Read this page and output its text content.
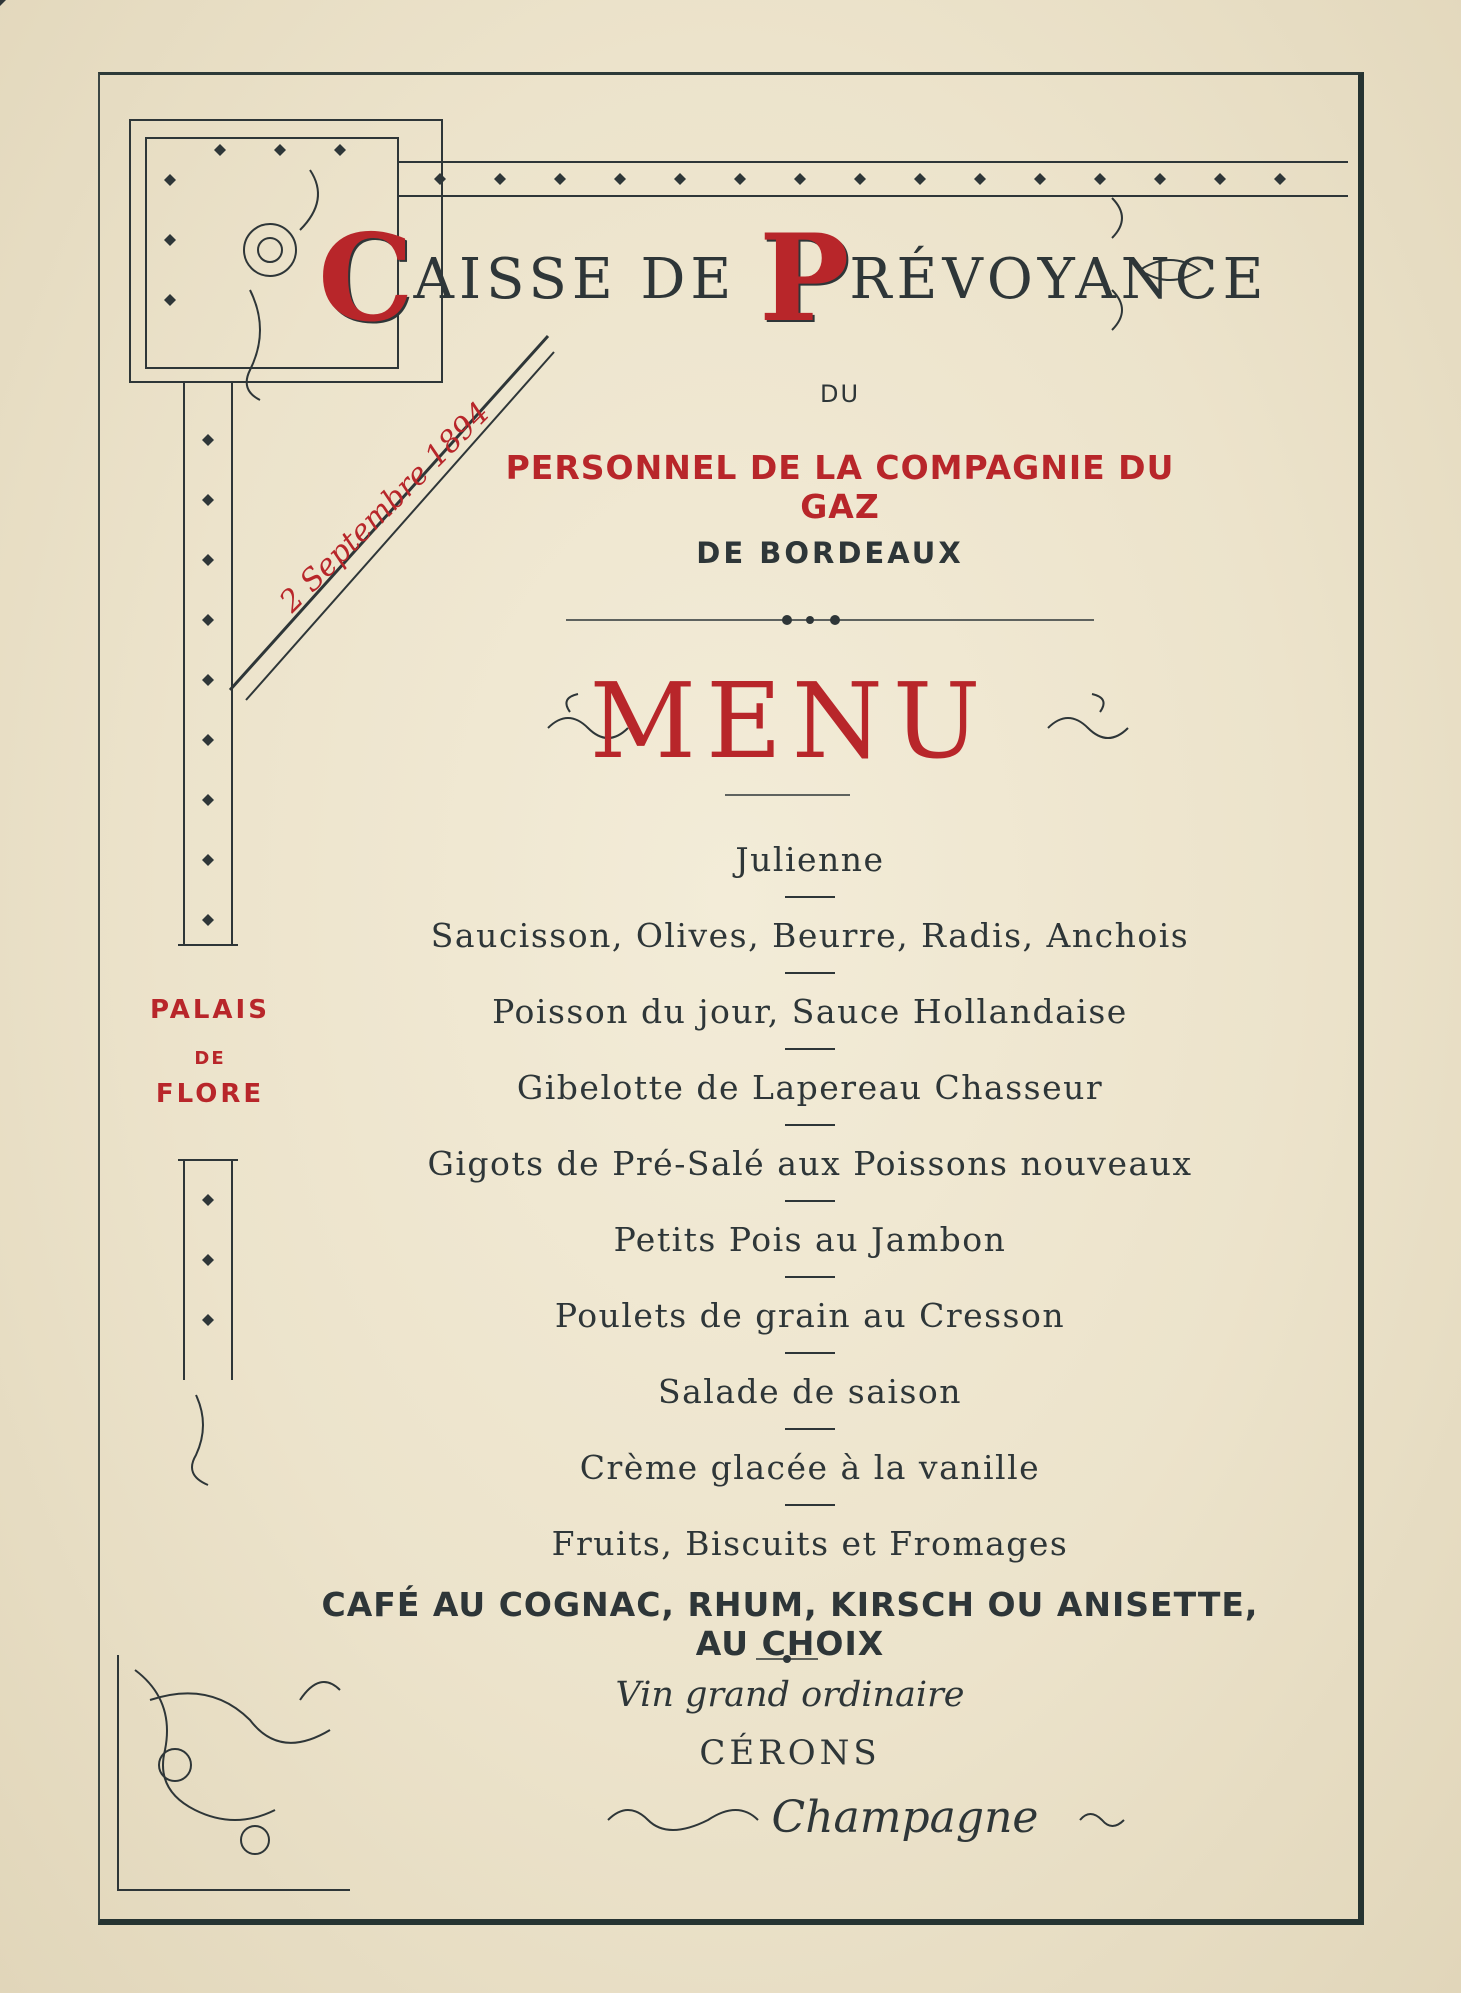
CAISSE DE PRÉVOYANCE
DU
PERSONNEL DE LA COMPAGNIE DU GAZ
DE BORDEAUX
2 Septembre 1894
MENU
Julienne
Saucisson, Olives, Beurre, Radis, Anchois
Poisson du jour, Sauce Hollandaise
Gibelotte de Lapereau Chasseur
Gigots de Pré-Salé aux Poissons nouveaux
Petits Pois au Jambon
Poulets de grain au Cresson
Salade de saison
Crème glacée à la vanille
Fruits, Biscuits et Fromages
CAFÉ AU COGNAC, RHUM, KIRSCH OU ANISETTE, AU CHOIX
Vin grand ordinaire
CÉRONS
Champagne
PALAIS
DE
FLORE
